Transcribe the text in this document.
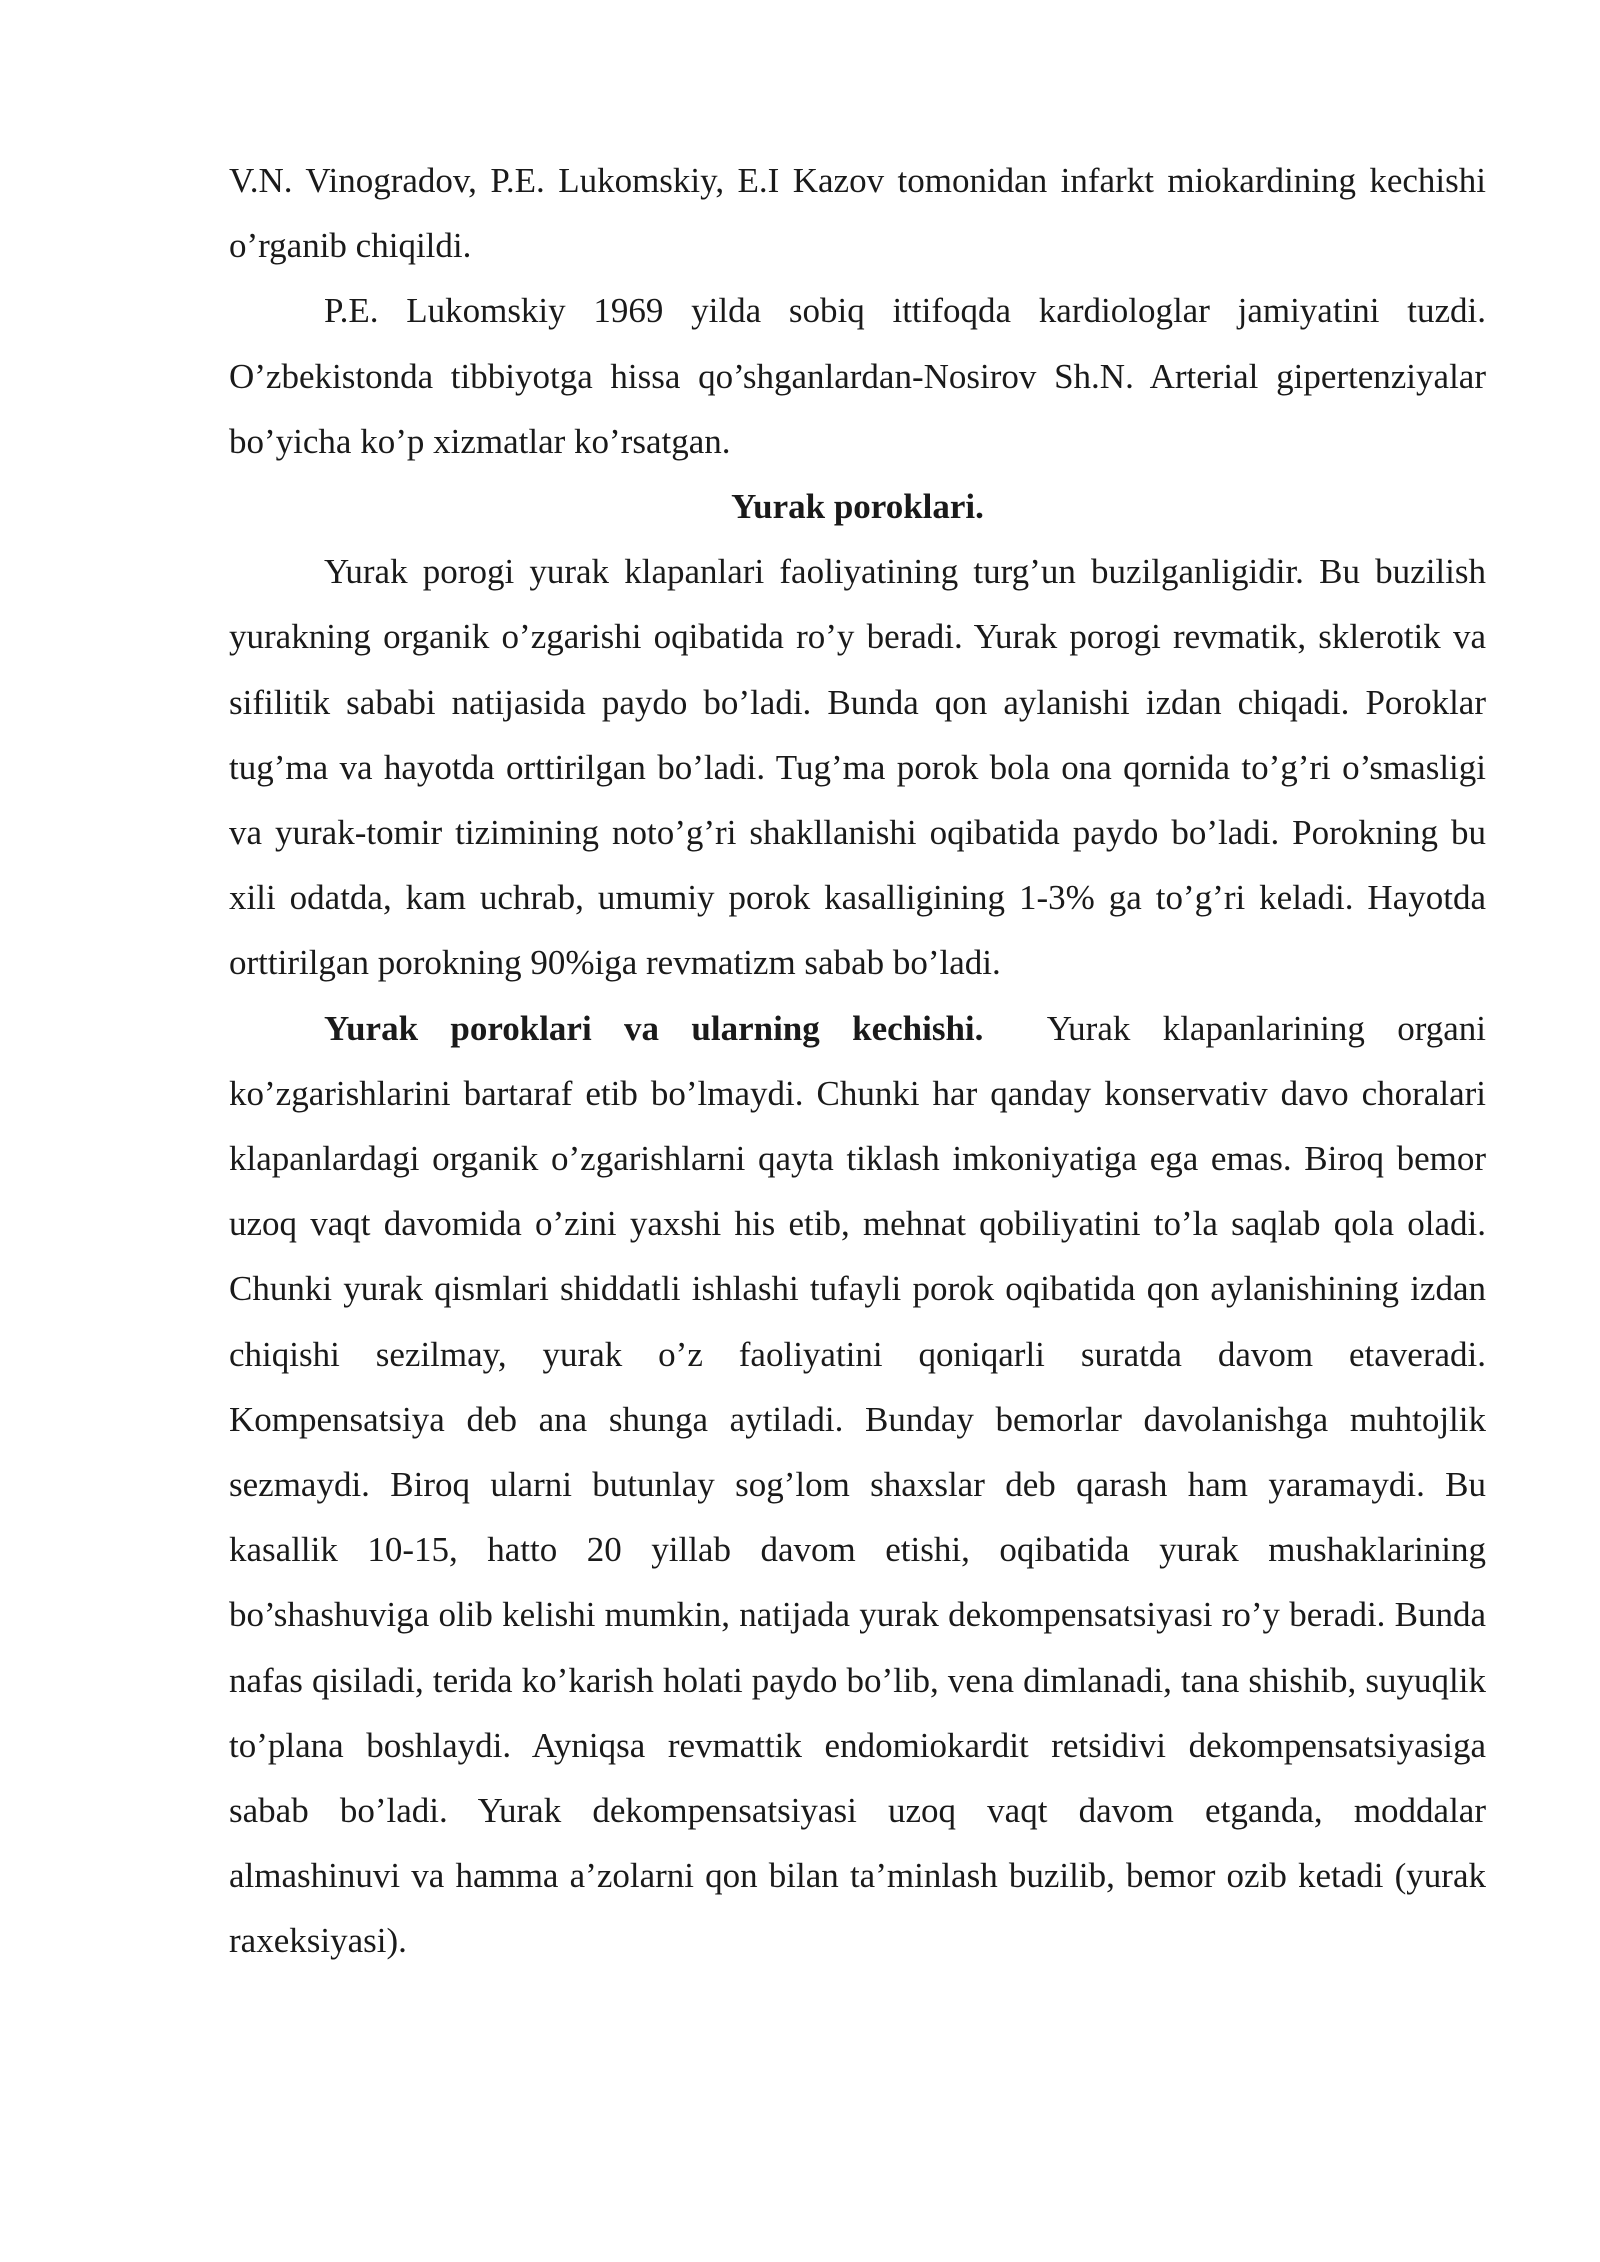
V.N. Vinogradov, P.E. Lukomskiy, E.I Kazov tomonidan infarkt miokardining kechishi o’rganib chiqildi.

P.E. Lukomskiy 1969 yilda sobiq ittifoqda kardiologlar jamiyatini tuzdi. O’zbekistonda tibbiyotga hissa qo’shganlardan-Nosirov Sh.N. Arterial gipertenziyalar bo’yicha ko’p xizmatlar ko’rsatgan.

Yurak poroklari.

Yurak porogi yurak klapanlari faoliyatining turg’un buzilganligidir. Bu buzilish yurakning organik o’zgarishi oqibatida ro’y beradi. Yurak porogi revmatik, sklerotik va sifilitik sababi natijasida paydo bo’ladi. Bunda qon aylanishi izdan chiqadi. Poroklar tug’ma va hayotda orttirilgan bo’ladi. Tug’ma porok bola ona qornida to’g’ri o’smasligi va yurak-tomir tizimining noto’g’ri shakllanishi oqibatida paydo bo’ladi. Porokning bu xili odatda, kam uchrab, umumiy porok kasalligining 1-3% ga to’g’ri keladi. Hayotda orttirilgan porokning 90%iga revmatizm sabab bo’ladi.

Yurak poroklari va ularning kechishi. Yurak klapanlarining organi ko’zgarishlarini bartaraf etib bo’lmaydi. Chunki har qanday konservativ davo choralari klapanlardagi organik o’zgarishlarni qayta tiklash imkoniyatiga ega emas. Biroq bemor uzoq vaqt davomida o’zini yaxshi his etib, mehnat qobiliyatini to’la saqlab qola oladi. Chunki yurak qismlari shiddatli ishlashi tufayli porok oqibatida qon aylanishining izdan chiqishi sezilmay, yurak o’z faoliyatini qoniqarli suratda davom etaveradi. Kompensatsiya deb ana shunga aytiladi. Bunday bemorlar davolanishga muhtojlik sezmaydi. Biroq ularni butunlay sog’lom shaxslar deb qarash ham yaramaydi. Bu kasallik 10-15, hatto 20 yillab davom etishi, oqibatida yurak mushaklarining bo’shashuviga olib kelishi mumkin, natijada yurak dekompensatsiyasi ro’y beradi. Bunda nafas qisiladi, terida ko’karish holati paydo bo’lib, vena dimlanadi, tana shishib, suyuqlik to’plana boshlaydi. Ayniqsa revmattik endomiokardit retsidivi dekompensatsiyasiga sabab bo’ladi. Yurak dekompensatsiyasi uzoq vaqt davom etganda, moddalar almashinuvi va hamma a’zolarni qon bilan ta’minlash buzilib, bemor ozib ketadi (yurak raxeksiyasi).
